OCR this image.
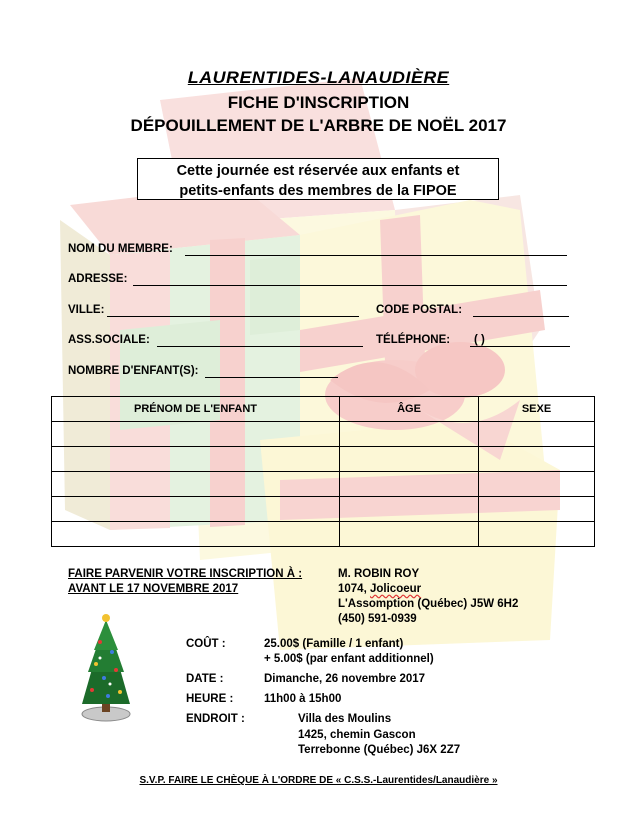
LAURENTIDES-LANAUDIÈRE
FICHE D'INSCRIPTION
DÉPOUILLEMENT DE L'ARBRE DE NOËL 2017
Cette journée est réservée aux enfants et
petits-enfants des membres de la FIPOE
NOM DU MEMBRE:
ADRESSE:
VILLE:	CODE POSTAL:
ASS.SOCIALE:	TÉLÉPHONE: ( )
NOMBRE D'ENFANT(S):
PRÉNOM DE L'ENFANT	ÂGE	SEXE

FAIRE PARVENIR VOTRE INSCRIPTION À :
AVANT LE 17 NOVEMBRE 2017
M. ROBIN ROY
1074, Jolicoeur
L'Assomption (Québec) J5W 6H2
(450) 591-0939
COÛT :	25.00$ (Famille / 1 enfant)
+ 5.00$ (par enfant additionnel)
DATE :	Dimanche, 26 novembre 2017
HEURE :	11h00 à 15h00
ENDROIT :	Villa des Moulins
1425, chemin Gascon
Terrebonne (Québec) J6X 2Z7
S.V.P. FAIRE LE CHÈQUE À L'ORDRE DE « C.S.S.-Laurentides/Lanaudière »
